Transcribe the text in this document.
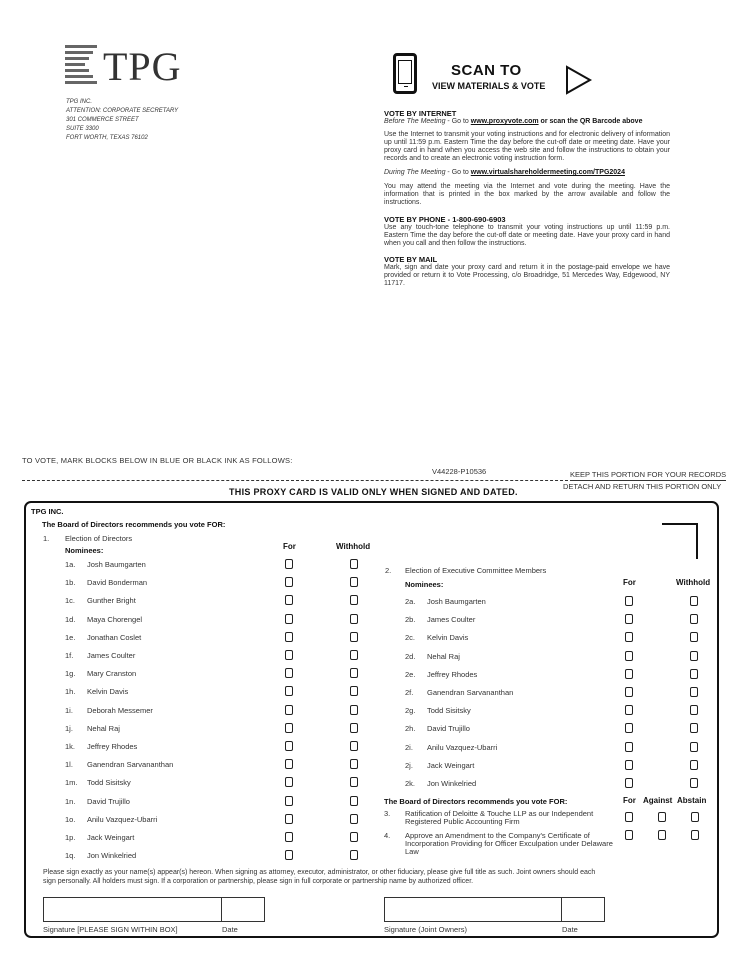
TPG
TPG INC.
ATTENTION: CORPORATE SECRETARY
301 COMMERCE STREET
SUITE 3300
FORT WORTH, TEXAS 76102
SCAN TO
VIEW MATERIALS & VOTE
VOTE BY INTERNET
Before The Meeting - Go to www.proxyvote.com or scan the QR Barcode above
Use the Internet to transmit your voting instructions and for electronic delivery of information up until 11:59 p.m. Eastern Time the day before the cut-off date or meeting date. Have your proxy card in hand when you access the web site and follow the instructions to obtain your records and to create an electronic voting instruction form.
During The Meeting - Go to www.virtualshareholdermeeting.com/TPG2024
You may attend the meeting via the Internet and vote during the meeting. Have the information that is printed in the box marked by the arrow available and follow the instructions.
VOTE BY PHONE - 1-800-690-6903
Use any touch-tone telephone to transmit your voting instructions up until 11:59 p.m. Eastern Time the day before the cut-off date or meeting date. Have your proxy card in hand when you call and then follow the instructions.
VOTE BY MAIL
Mark, sign and date your proxy card and return it in the postage-paid envelope we have provided or return it to Vote Processing, c/o Broadridge, 51 Mercedes Way, Edgewood, NY 11717.
TO VOTE, MARK BLOCKS BELOW IN BLUE OR BLACK INK AS FOLLOWS:
V44228-P10536	KEEP THIS PORTION FOR YOUR RECORDS
THIS PROXY CARD IS VALID ONLY WHEN SIGNED AND DATED.
DETACH AND RETURN THIS PORTION ONLY
TPG INC.
The Board of Directors recommends you vote FOR:
1. Election of Directors
Nominees:	For	Withhold
1a. Josh Baumgarten
1b. David Bonderman
1c. Gunther Bright
1d. Maya Chorengel
1e. Jonathan Coslet
1f. James Coulter
1g. Mary Cranston
1h. Kelvin Davis
1i. Deborah Messemer
1j. Nehal Raj
1k. Jeffrey Rhodes
1l. Ganendran Sarvananthan
1m. Todd Sisitsky
1n. David Trujillo
1o. Anilu Vazquez-Ubarri
1p. Jack Weingart
1q. Jon Winkelried
2. Election of Executive Committee Members
Nominees:	For	Withhold
2a. Josh Baumgarten
2b. James Coulter
2c. Kelvin Davis
2d. Nehal Raj
2e. Jeffrey Rhodes
2f. Ganendran Sarvananthan
2g. Todd Sisitsky
2h. David Trujillo
2i. Anilu Vazquez-Ubarri
2j. Jack Weingart
2k. Jon Winkelried
The Board of Directors recommends you vote FOR:	For Against Abstain
3. Ratification of Deloitte & Touche LLP as our Independent Registered Public Accounting Firm
4. Approve an Amendment to the Company's Certificate of Incorporation Providing for Officer Exculpation under Delaware Law
Please sign exactly as your name(s) appear(s) hereon. When signing as attorney, executor, administrator, or other fiduciary, please give full title as such. Joint owners should each sign personally. All holders must sign. If a corporation or partnership, please sign in full corporate or partnership name by authorized officer.
Signature [PLEASE SIGN WITHIN BOX]	Date	Signature (Joint Owners)	Date
